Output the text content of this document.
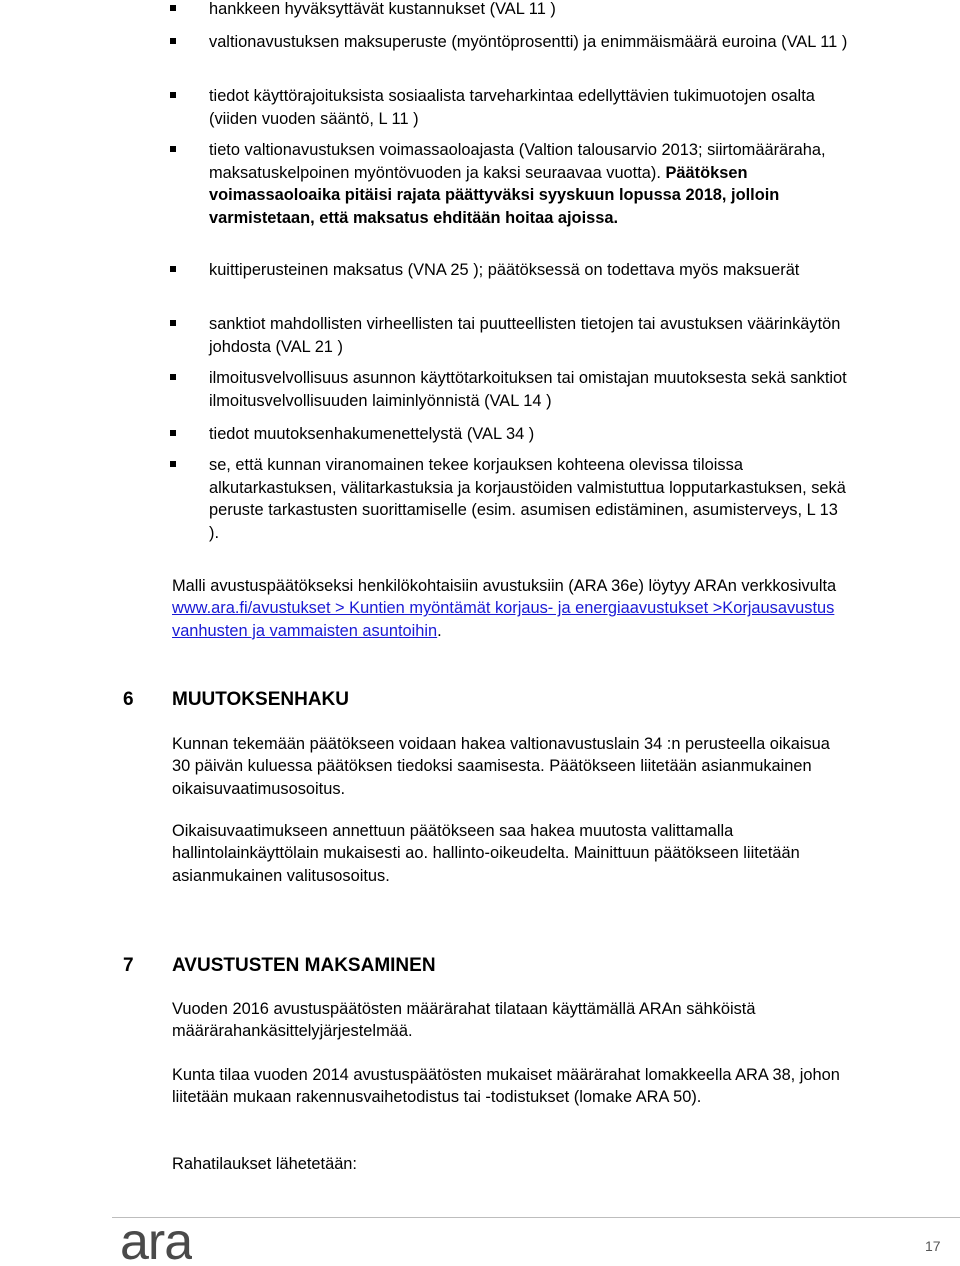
hankkeen hyväksyttävät kustannukset (VAL 11 )
valtionavustuksen maksuperuste (myöntöprosentti) ja enimmäismäärä euroina (VAL 11 )
tiedot käyttörajoituksista sosiaalista tarveharkintaa edellyttävien tukimuotojen osalta (viiden vuoden sääntö, L 11 )
tieto valtionavustuksen voimassaoloajasta (Valtion talousarvio 2013; siirtomääräraha, maksatuskelpoinen myöntövuoden ja kaksi seuraavaa vuotta). Päätöksen voimassaoloaika pitäisi rajata päättyväksi syyskuun lopussa 2018, jolloin varmistetaan, että maksatus ehditään hoitaa ajoissa.
kuittiperusteinen maksatus (VNA 25 ); päätöksessä on todettava myös maksuerät
sanktiot mahdollisten virheellisten tai puutteellisten tietojen tai avustuksen väärinkäytön johdosta (VAL 21 )
ilmoitusvelvollisuus asunnon käyttötarkoituksen tai omistajan muutoksesta sekä sanktiot ilmoitusvelvollisuuden laiminlyönnistä (VAL 14 )
tiedot muutoksenhakumenettelystä (VAL 34 )
se, että kunnan viranomainen tekee korjauksen kohteena olevissa tiloissa alkutarkastuksen, välitarkastuksia ja korjaustöiden valmistuttua lopputarkastuksen, sekä peruste tarkastusten suorittamiselle (esim. asumisen edistäminen, asumisterveys, L 13 ).
Malli avustuspäätökseksi henkilökohtaisiin avustuksiin (ARA 36e) löytyy ARAn verkkosivulta www.ara.fi/avustukset > Kuntien myöntämät korjaus- ja energiaavustukset >Korjausavustus vanhusten ja vammaisten asuntoihin.
6 MUUTOKSENHAKU
Kunnan tekemään päätökseen voidaan hakea valtionavustuslain 34 :n perusteella oikaisua 30 päivän kuluessa päätöksen tiedoksi saamisesta. Päätökseen liitetään asianmukainen oikaisuvaatimusosoitus.
Oikaisuvaatimukseen annettuun päätökseen saa hakea muutosta valittamalla hallintolainkäyttölain mukaisesti ao. hallinto-oikeudelta. Mainittuun päätökseen liitetään asianmukainen valitusosoitus.
7 AVUSTUSTEN MAKSAMINEN
Vuoden 2016 avustuspäätösten määrärahat tilataan käyttämällä ARAn sähköistä määrärahankäsittelyjärjestelmää.
Kunta tilaa vuoden 2014 avustuspäätösten mukaiset määrärahat lomakkeella ARA 38, johon liitetään mukaan rakennusvaihetodistus tai -todistukset (lomake ARA 50).
Rahatilaukset lähetetään:
ara	17
